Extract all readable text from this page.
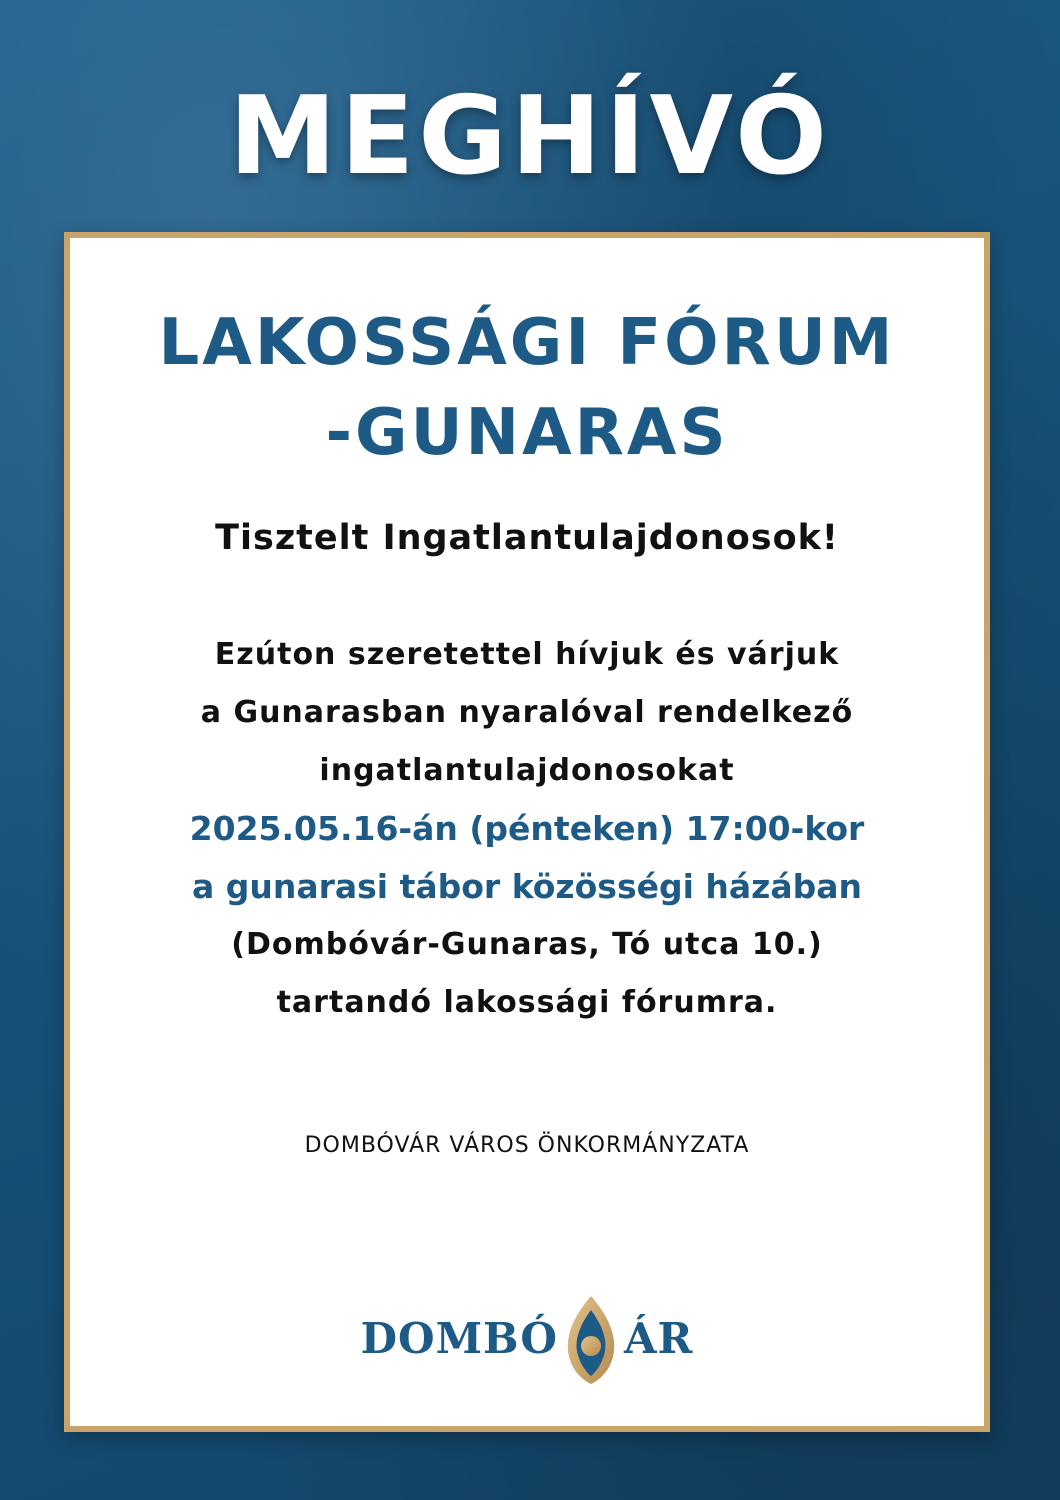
MEGHÍVÓ
LAKOSSÁGI FÓRUM
-GUNARAS
Tisztelt Ingatlantulajdonosok!
Ezúton szeretettel hívjuk és várjuk
a Gunarasban nyaralóval rendelkező
ingatlantulajdonosokat
2025.05.16-án (pénteken) 17:00-kor
a gunarasi tábor közösségi házában
(Dombóvár-Gunaras, Tó utca 10.)
tartandó lakossági fórumra.
DOMBÓVÁR VÁROS ÖNKORMÁNYZATA
DOMBÓ ÁR
